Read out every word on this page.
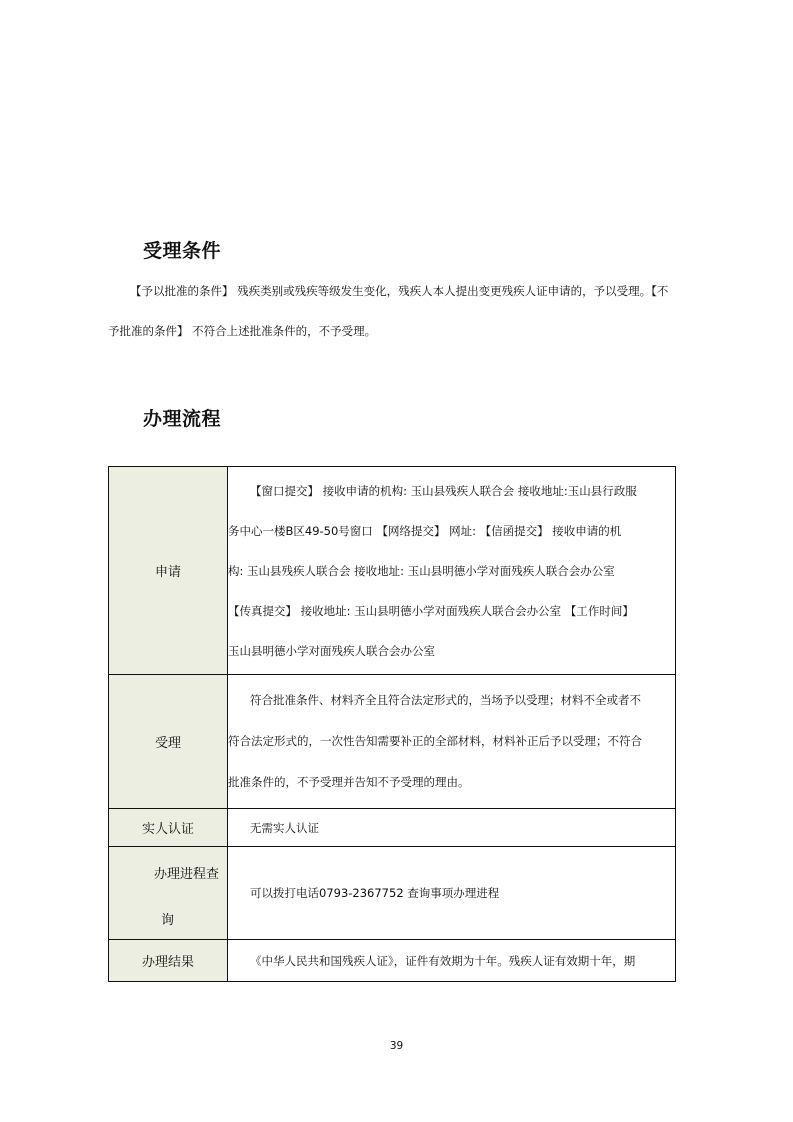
受理条件
【予以批准的条件】 残疾类别或残疾等级发生变化，残疾人本人提出变更残疾人证申请的，予以受理。【不
予批准的条件】 不符合上述批准条件的，不予受理。
办理流程
申请	【窗口提交】 接收申请的机构: 玉山县残疾人联合会 接收地址:玉山县行政服
务中心一楼B区49-50号窗口 【网络提交】 网址: 【信函提交】 接收申请的机
构: 玉山县残疾人联合会 接收地址: 玉山县明德小学对面残疾人联合会办公室
【传真提交】 接收地址: 玉山县明德小学对面残疾人联合会办公室 【工作时间】
玉山县明德小学对面残疾人联合会办公室

受理	符合批准条件、材料齐全且符合法定形式的，当场予以受理；材料不全或者不
符合法定形式的，一次性告知需要补正的全部材料，材料补正后予以受理；不符合
批准条件的，不予受理并告知不予受理的理由。

实人认证	无需实人认证

办理进程查
询	可以拨打电话0793-2367752 查询事项办理进程

办理结果	《中华人民共和国残疾人证》，证件有效期为十年。残疾人证有效期十年，期

39
